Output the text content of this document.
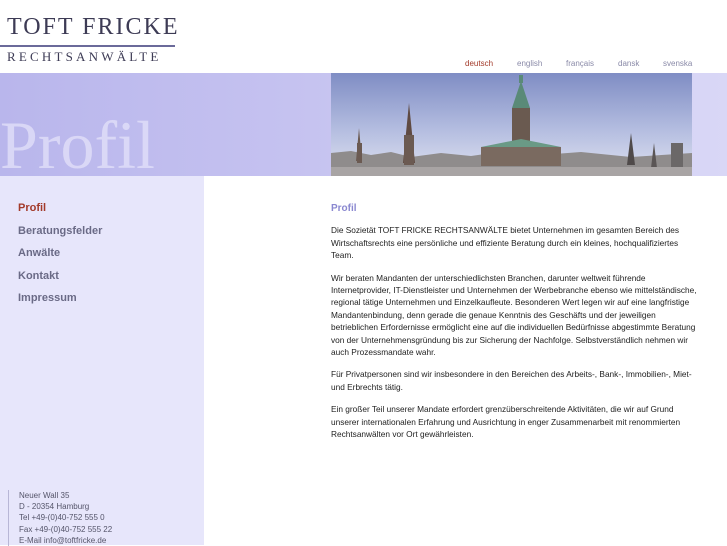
TOFT FRICKE
RECHTSANWÄLTE	deutsch	english	français	dansk	svenska
Profil
Profil
Beratungsfelder
Anwälte
Kontakt
Impressum
Neuer Wall 35
D - 20354 Hamburg
Tel +49-(0)40-752 555 0
Fax +49-(0)40-752 555 22
E-Mail info@toftfricke.de
Profil

Die Sozietät TOFT FRICKE RECHTSANWÄLTE bietet Unternehmen im gesamten Bereich des Wirtschaftsrechts eine persönliche und effiziente Beratung durch ein kleines, hochqualifiziertes Team.

Wir beraten Mandanten der unterschiedlichsten Branchen, darunter weltweit führende Internetprovider, IT-Dienstleister und Unternehmen der Werbebranche ebenso wie mittelständische, regional tätige Unternehmen und Einzelkaufleute. Besonderen Wert legen wir auf eine langfristige Mandantenbindung, denn gerade die genaue Kenntnis des Geschäfts und der jeweiligen betrieblichen Erfordernisse ermöglicht eine auf die individuellen Bedürfnisse abgestimmte Beratung von der Unternehmensgründung bis zur Sicherung der Nachfolge. Selbstverständlich nehmen wir auch Prozessmandate wahr.

Für Privatpersonen sind wir insbesondere in den Bereichen des Arbeits-, Bank-, Immobilien-, Miet- und Erbrechts tätig.

Ein großer Teil unserer Mandate erfordert grenzüberschreitende Aktivitäten, die wir auf Grund unserer internationalen Erfahrung und Ausrichtung in enger Zusammenarbeit mit renommierten Rechtsanwälten vor Ort gewährleisten.
